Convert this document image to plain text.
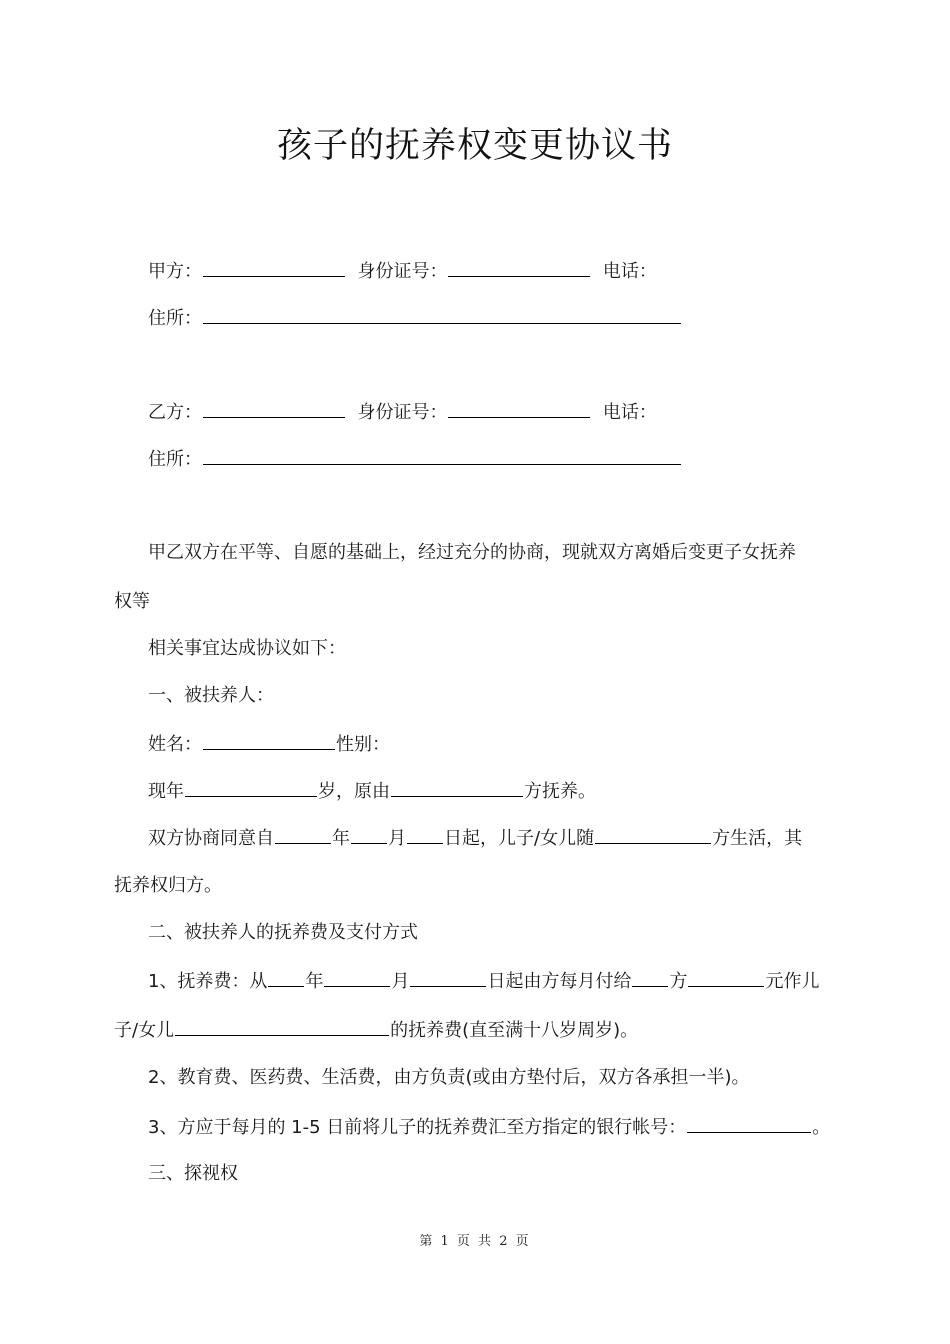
孩子的抚养权变更协议书
甲方：	身份证号：	电话：
住所：
乙方：	身份证号：	电话：
住所：
甲乙双方在平等、自愿的基础上，经过充分的协商，现就双方离婚后变更子女抚养
权等
相关事宜达成协议如下：
一、被扶养人：
姓名：	性别：
现年	岁，原由	方抚养。
双方协商同意自	年 月 日起，儿子/女儿随	方生活，其
抚养权归方。
二、被扶养人的抚养费及支付方式
1、抚养费：从 年	月	日起由方每月付给 方	元作儿
子/女儿	的抚养费(直至满十八岁周岁)。
2、教育费、医药费、生活费，由方负责(或由方垫付后，双方各承担一半)。
3、方应于每月的 1-5 日前将儿子的抚养费汇至方指定的银行帐号：	。
三、探视权
第 1 页 共 2 页
